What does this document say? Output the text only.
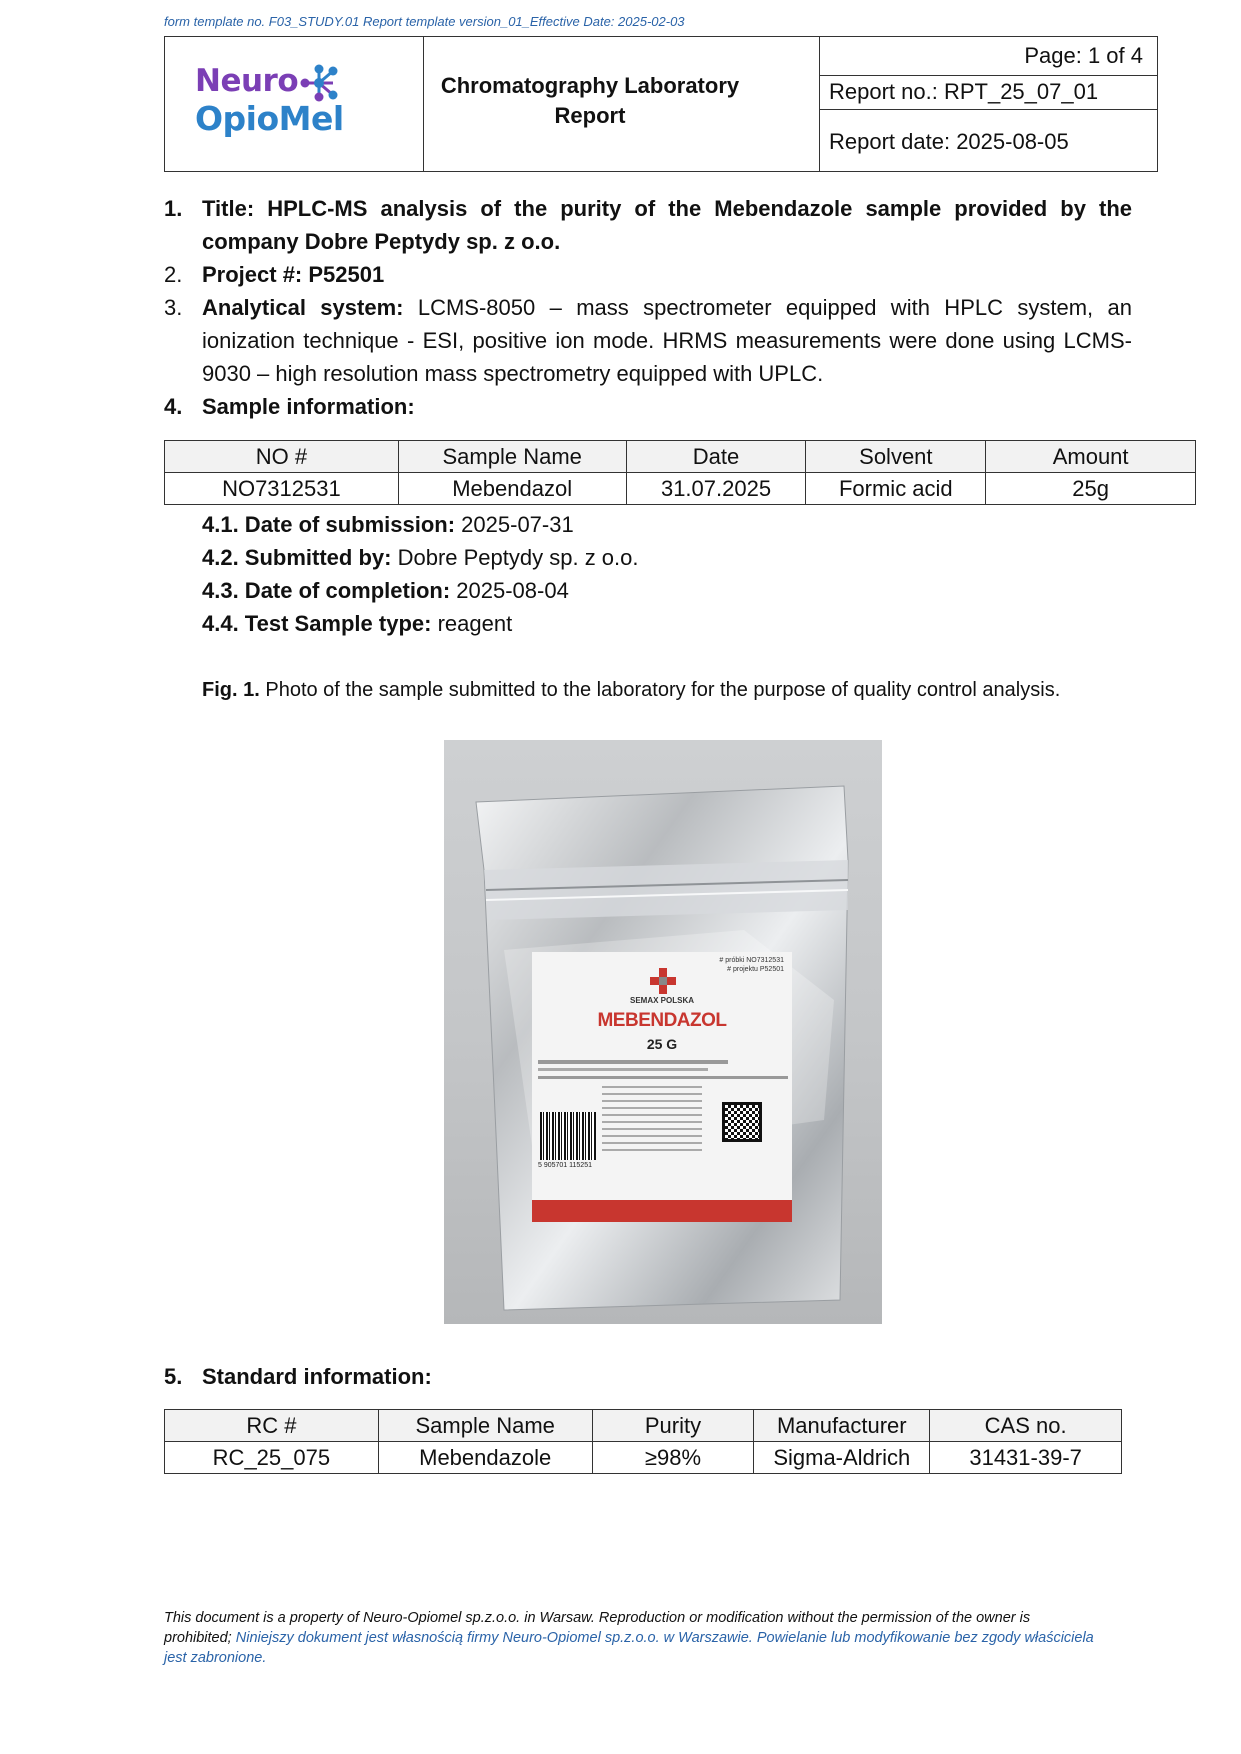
form template no. F03_STUDY.01 Report template version_01_Effective Date: 2025-02-03
Neuro
OpioMel
Chromatography Laboratory Report
Page: 1 of 4
Report no.: RPT_25_07_01
Report date: 2025-08-05
1. Title: HPLC-MS analysis of the purity of the Mebendazole sample provided by the company Dobre Peptydy sp. z o.o.
2. Project #: P52501
3. Analytical system: LCMS-8050 – mass spectrometer equipped with HPLC system, an ionization technique - ESI, positive ion mode. HRMS measurements were done using LCMS-9030 – high resolution mass spectrometry equipped with UPLC.
4. Sample information:
NO #	Sample Name	Date	Solvent	Amount
NO7312531	Mebendazol	31.07.2025	Formic acid	25g
4.1. Date of submission: 2025-07-31
4.2. Submitted by: Dobre Peptydy sp. z o.o.
4.3. Date of completion: 2025-08-04
4.4. Test Sample type: reagent
Fig. 1. Photo of the sample submitted to the laboratory for the purpose of quality control analysis.
# próbki NO7312531
# projektu P52501
SEMAX POLSKA
MEBENDAZOL
25 G
5 905701 115251
5. Standard information:
RC #	Sample Name	Purity	Manufacturer	CAS no.
RC_25_075	Mebendazole	≥98%	Sigma-Aldrich	31431-39-7
This document is a property of Neuro-Opiomel sp.z.o.o. in Warsaw. Reproduction or modification without the permission of the owner is prohibited; Niniejszy dokument jest własnością firmy Neuro-Opiomel sp.z.o.o. w Warszawie. Powielanie lub modyfikowanie bez zgody właściciela jest zabronione.
